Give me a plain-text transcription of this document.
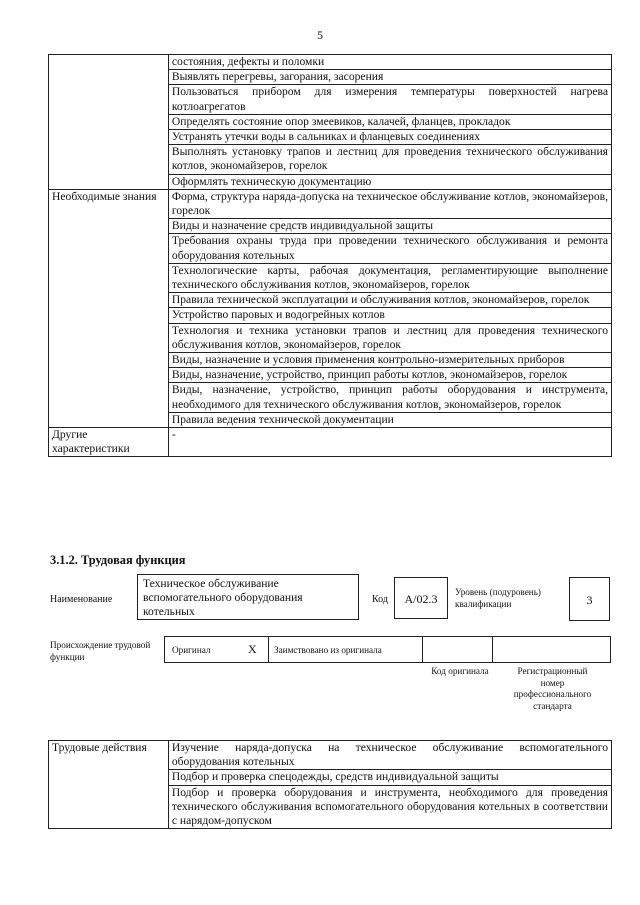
5
	состояния, дефекты и поломки
	Выявлять перегревы, загорания, засорения
	Пользоваться прибором для измерения температуры поверхностей нагрева котлоагрегатов
	Определять состояние опор змеевиков, калачей, фланцев, прокладок
	Устранять утечки воды в сальниках и фланцевых соединениях
	Выполнять установку трапов и лестниц для проведения технического обслуживания котлов, экономайзеров, горелок
	Оформлять техническую документацию
Необходимые знания	Форма, структура наряда-допуска на техническое обслуживание котлов, экономайзеров, горелок
	Виды и назначение средств индивидуальной защиты
	Требования охраны труда при проведении технического обслуживания и ремонта оборудования котельных
	Технологические карты, рабочая документация, регламентирующие выполнение технического обслуживания котлов, экономайзеров, горелок
	Правила технической эксплуатации и обслуживания котлов, экономайзеров, горелок
	Устройство паровых и водогрейных котлов
	Технология и техника установки трапов и лестниц для проведения технического обслуживания котлов, экономайзеров, горелок
	Виды, назначение и условия применения контрольно-измерительных приборов
	Виды, назначение, устройство, принцип работы котлов, экономайзеров, горелок
	Виды, назначение, устройство, принцип работы оборудования и инструмента, необходимого для технического обслуживания котлов, экономайзеров, горелок
	Правила ведения технической документации
Другие характеристики	-
3.1.2. Трудовая функция
Наименование
Техническое обслуживание вспомогательного оборудования котельных
Код	A/02.3	Уровень (подуровень) квалификации	3
Происхождение трудовой функции
Оригинал	X Заимствовано из оригинала
Код оригинала	Регистрационный номер профессионального стандарта
Трудовые действия	Изучение наряда-допуска на техническое обслуживание вспомогательного оборудования котельных
Подбор и проверка спецодежды, средств индивидуальной защиты
Подбор и проверка оборудования и инструмента, необходимого для проведения технического обслуживания вспомогательного оборудования котельных в соответствии с нарядом-допуском
